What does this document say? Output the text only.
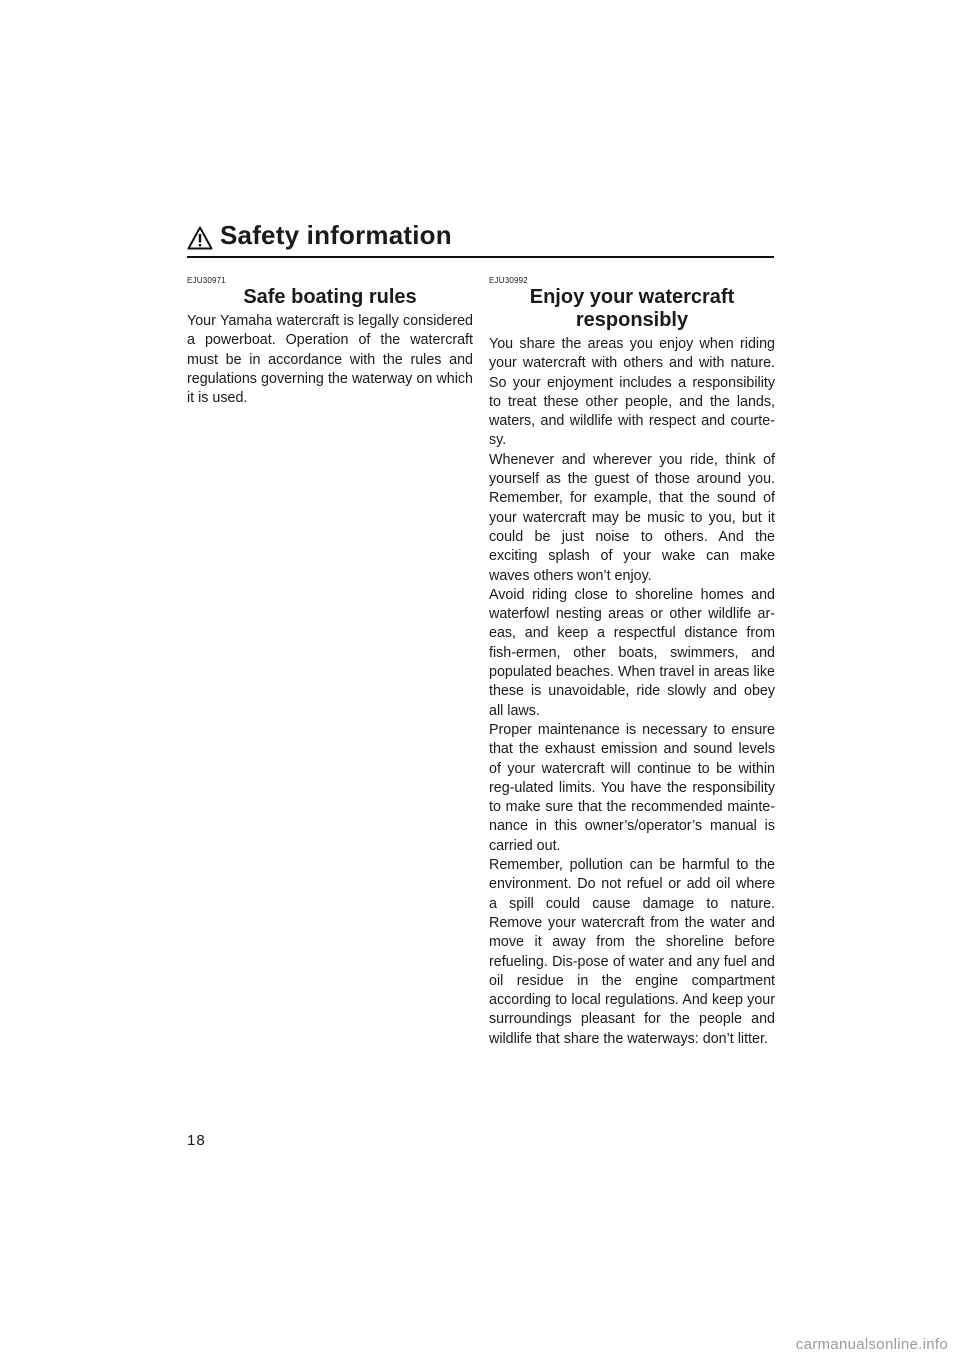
Safety information
EJU30971
Safe boating rules

Your Yamaha watercraft is legally considered a powerboat. Operation of the watercraft must be in accordance with the rules and regulations governing the waterway on which it is used.

EJU30992
Enjoy your watercraft
responsibly

You share the areas you enjoy when riding your watercraft with others and with nature. So your enjoyment includes a responsibility to treat these other people, and the lands, waters, and wildlife with respect and courte-sy.

Whenever and wherever you ride, think of yourself as the guest of those around you. Remember, for example, that the sound of your watercraft may be music to you, but it could be just noise to others. And the exciting splash of your wake can make waves others won’t enjoy.

Avoid riding close to shoreline homes and waterfowl nesting areas or other wildlife ar-eas, and keep a respectful distance from fish-ermen, other boats, swimmers, and populated beaches. When travel in areas like these is unavoidable, ride slowly and obey all laws.

Proper maintenance is necessary to ensure that the exhaust emission and sound levels of your watercraft will continue to be within reg-ulated limits. You have the responsibility to make sure that the recommended mainte-nance in this owner’s/operator’s manual is carried out.

Remember, pollution can be harmful to the environment. Do not refuel or add oil where a spill could cause damage to nature. Remove your watercraft from the water and move it away from the shoreline before refueling. Dis-pose of water and any fuel and oil residue in the engine compartment according to local regulations. And keep your surroundings pleasant for the people and wildlife that share the waterways: don’t litter.

18
carmanualsonline.info
